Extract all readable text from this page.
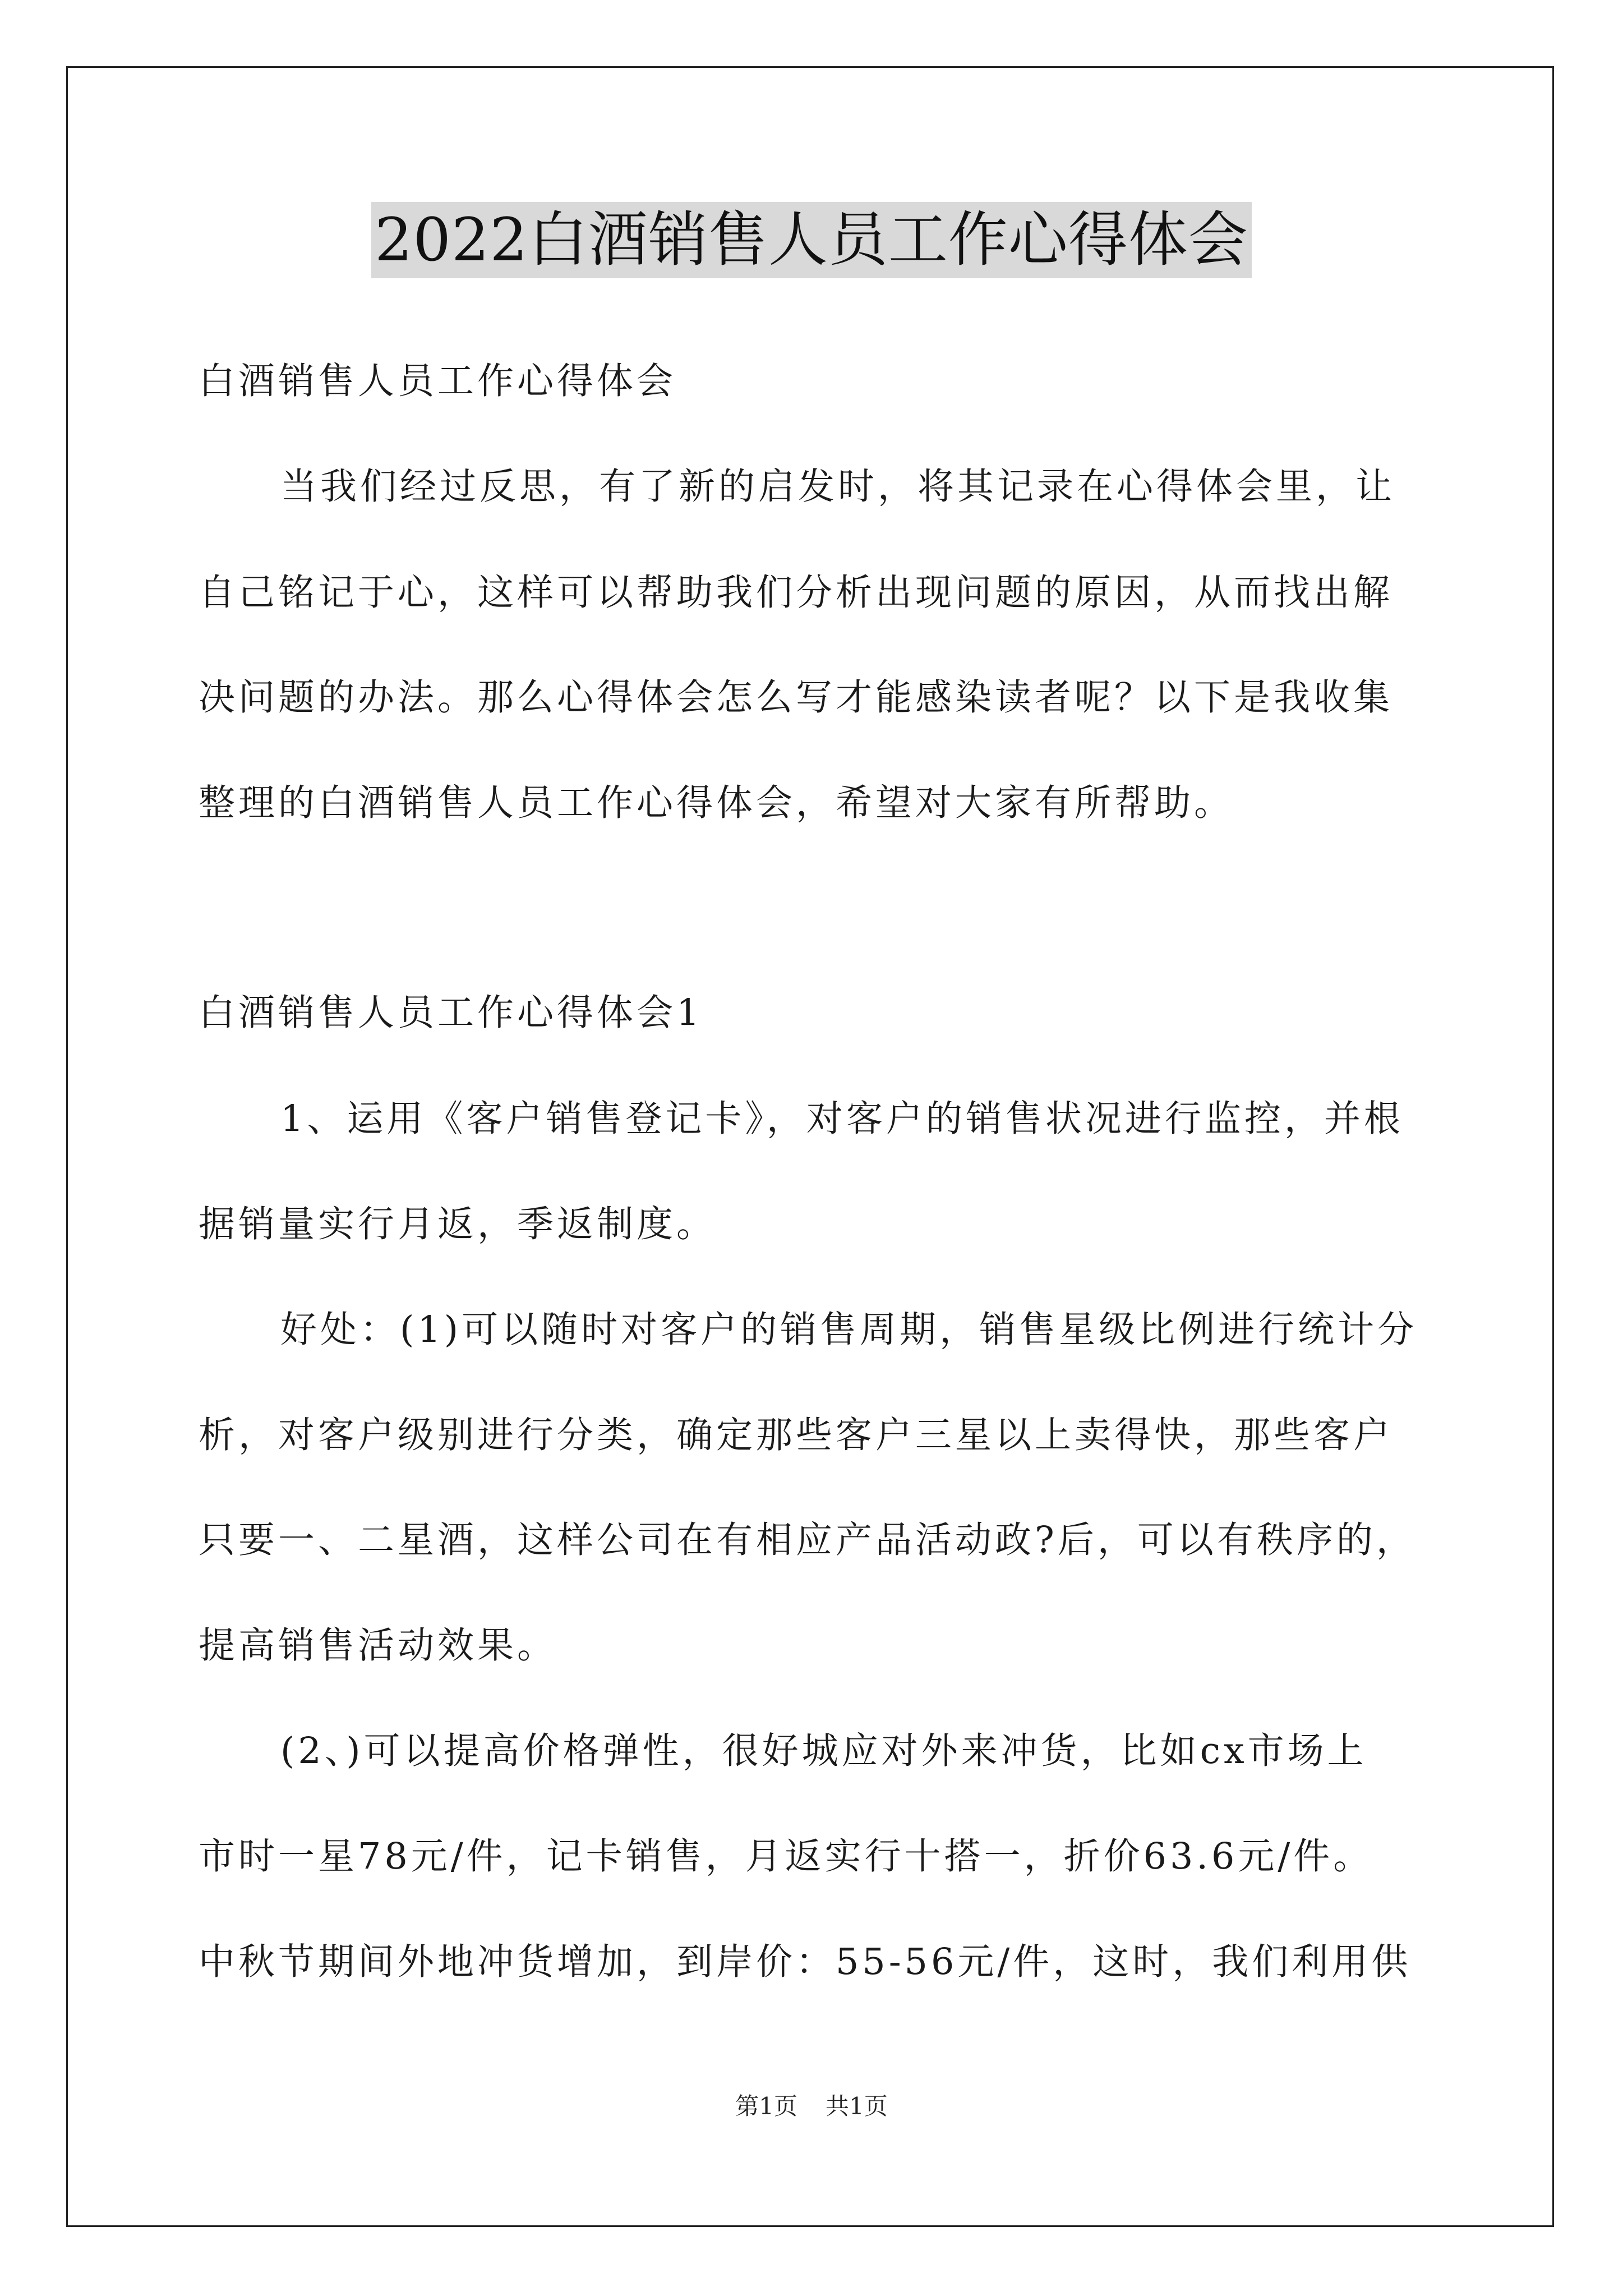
2022白酒销售人员工作心得体会
白酒销售人员工作心得体会
当我们经过反思，有了新的启发时，将其记录在心得体会里，让
自己铭记于心，这样可以帮助我们分析出现问题的原因，从而找出解
决问题的办法。那么心得体会怎么写才能感染读者呢？以下是我收集
整理的白酒销售人员工作心得体会，希望对大家有所帮助。
白酒销售人员工作心得体会1
1、运用《客户销售登记卡》，对客户的销售状况进行监控，并根
据销量实行月返，季返制度。
好处：(1)可以随时对客户的销售周期，销售星级比例进行统计分
析，对客户级别进行分类，确定那些客户三星以上卖得快，那些客户
只要一、二星酒，这样公司在有相应产品活动政?后，可以有秩序的，
提高销售活动效果。
(2、)可以提高价格弹性，很好城应对外来冲货，比如cx市场上
市时一星78元/件，记卡销售，月返实行十搭一，折价63.6元/件。
中秋节期间外地冲货增加，到岸价：55-56元/件，这时，我们利用供
第1页 共1页
